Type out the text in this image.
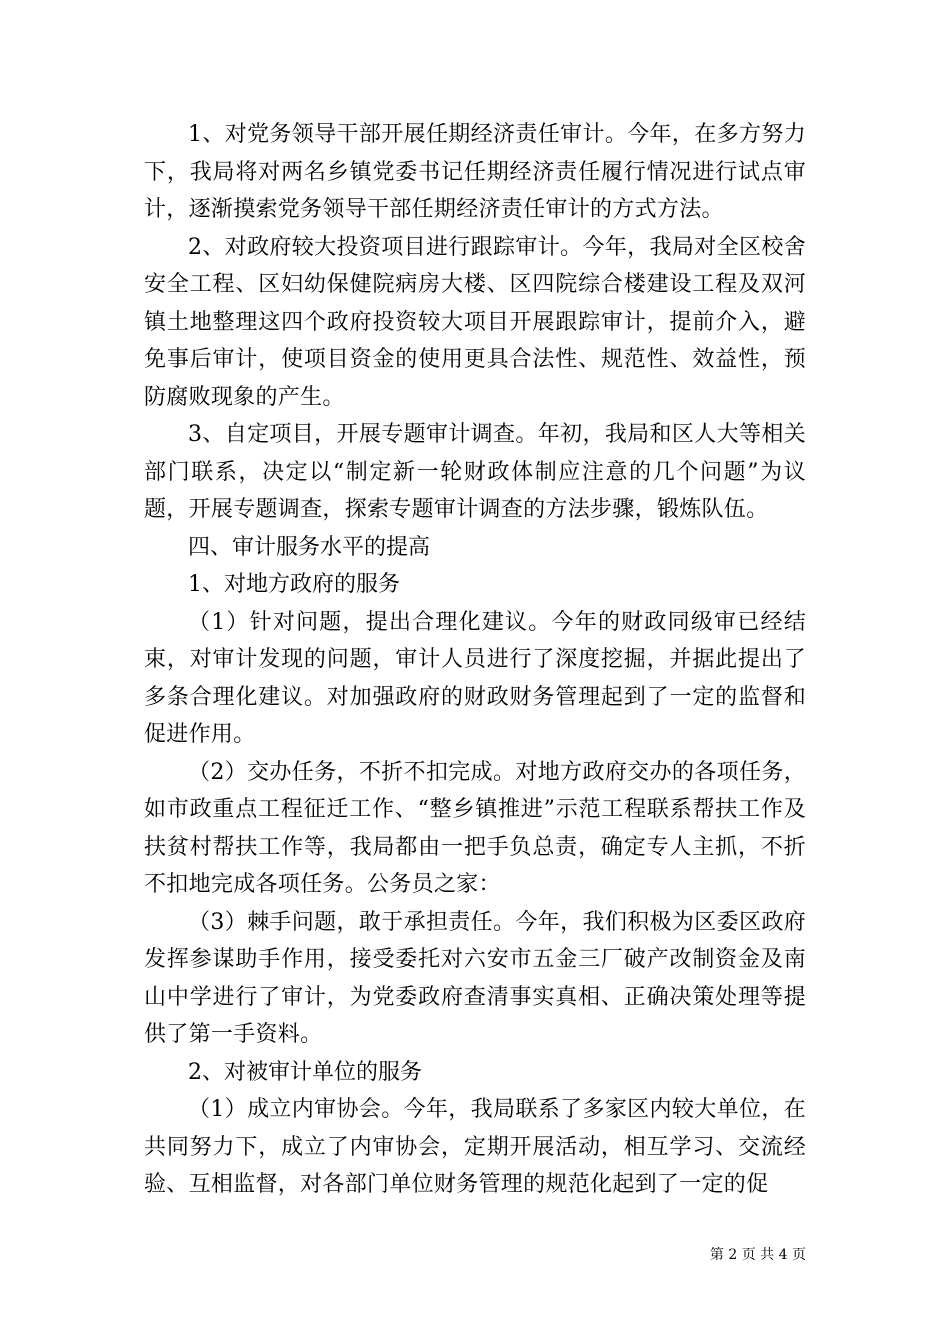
1、对党务领导干部开展任期经济责任审计。今年，在多方努力下，我局将对两名乡镇党委书记任期经济责任履行情况进行试点审计，逐渐摸索党务领导干部任期经济责任审计的方式方法。

2、对政府较大投资项目进行跟踪审计。今年，我局对全区校舍安全工程、区妇幼保健院病房大楼、区四院综合楼建设工程及双河镇土地整理这四个政府投资较大项目开展跟踪审计，提前介入，避免事后审计，使项目资金的使用更具合法性、规范性、效益性，预防腐败现象的产生。

3、自定项目，开展专题审计调查。年初，我局和区人大等相关部门联系，决定以“制定新一轮财政体制应注意的几个问题”为议题，开展专题调查，探索专题审计调查的方法步骤，锻炼队伍。

四、审计服务水平的提高

1、对地方政府的服务

（1）针对问题，提出合理化建议。今年的财政同级审已经结束，对审计发现的问题，审计人员进行了深度挖掘，并据此提出了多条合理化建议。对加强政府的财政财务管理起到了一定的监督和促进作用。

（2）交办任务，不折不扣完成。对地方政府交办的各项任务，如市政重点工程征迁工作、“整乡镇推进”示范工程联系帮扶工作及扶贫村帮扶工作等，我局都由一把手负总责，确定专人主抓，不折不扣地完成各项任务。公务员之家：

（3）棘手问题，敢于承担责任。今年，我们积极为区委区政府发挥参谋助手作用，接受委托对六安市五金三厂破产改制资金及南山中学进行了审计，为党委政府查清事实真相、正确决策处理等提供了第一手资料。

2、对被审计单位的服务

（1）成立内审协会。今年，我局联系了多家区内较大单位，在共同努力下，成立了内审协会，定期开展活动，相互学习、交流经验、互相监督，对各部门单位财务管理的规范化起到了一定的促

第 2 页 共 4 页
